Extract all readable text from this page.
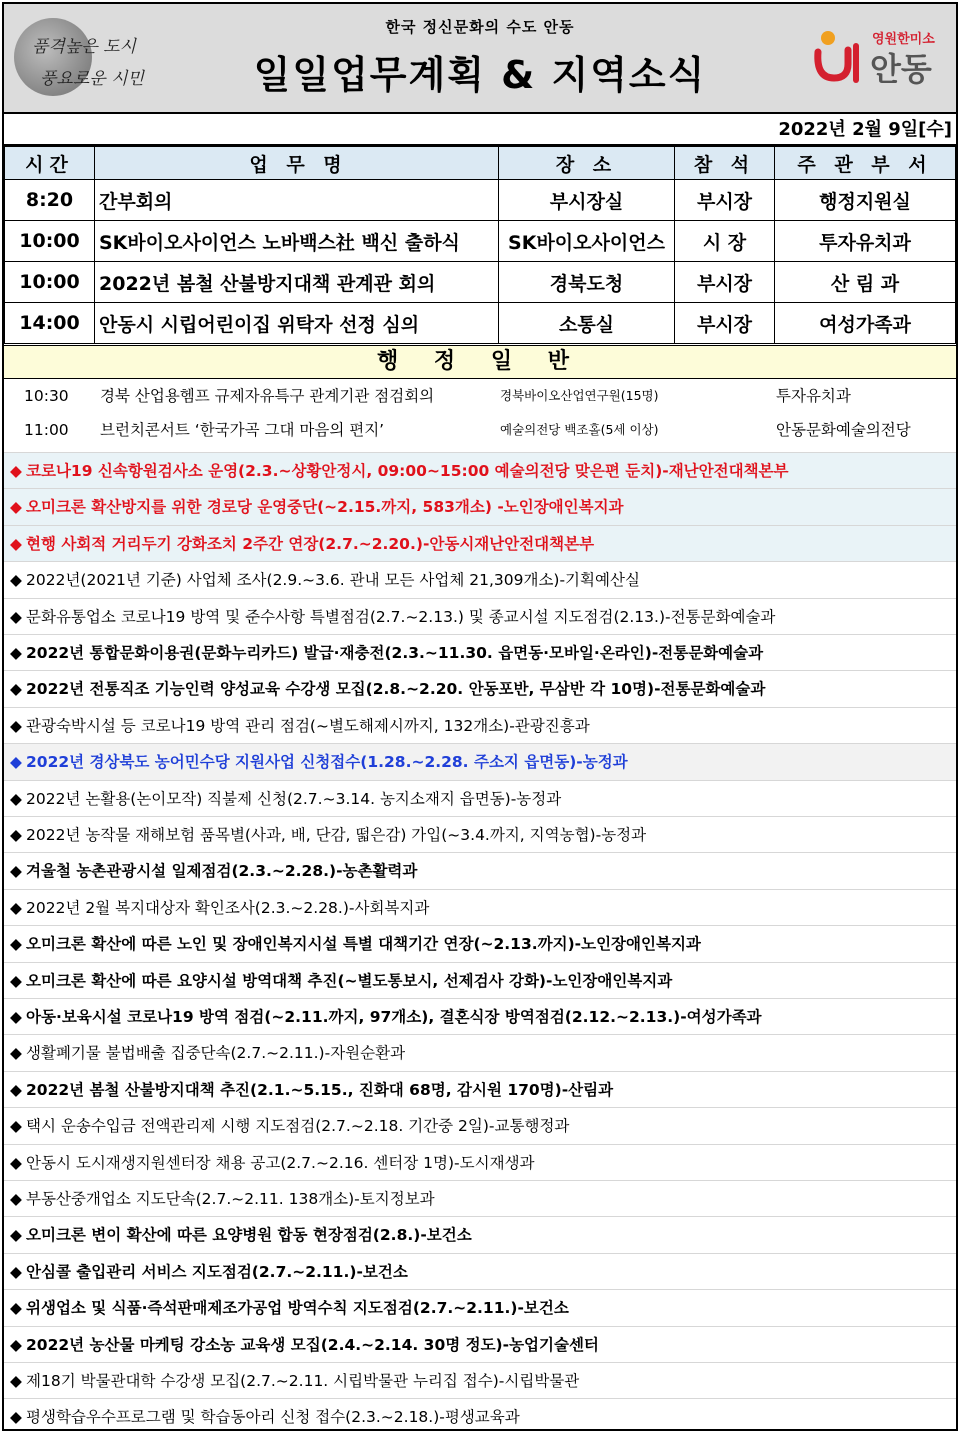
품격높은 도시
풍요로운 시민
한국 정신문화의 수도 안동
일일업무계획 & 지역소식
영원한미소
안동
2022년 2월 9일[수]
시간	업 무 명	장 소	참 석	주 관 부 서
8:20	간부회의	부시장실	부시장	행정지원실
10:00	SK바이오사이언스 노바백스社 백신 출하식	SK바이오사이언스	시 장	투자유치과
10:00	2022년 봄철 산불방지대책 관계관 회의	경북도청	부시장	산 림 과
14:00	안동시 시립어린이집 위탁자 선정 심의	소통실	부시장	여성가족과
행 정 일 반
10:30 경북 산업용헴프 규제자유특구 관계기관 점검회의	경북바이오산업연구원(15명)	투자유치과
11:00 브런치콘서트 ‘한국가곡 그대 마음의 편지’	예술의전당 백조홀(5세 이상)	안동문화예술의전당
◆ 코로나19 신속항원검사소 운영(2.3.~상황안정시, 09:00~15:00 예술의전당 맞은편 둔치)-재난안전대책본부
◆ 오미크론 확산방지를 위한 경로당 운영중단(~2.15.까지, 583개소) -노인장애인복지과
◆ 현행 사회적 거리두기 강화조치 2주간 연장(2.7.~2.20.)-안동시재난안전대책본부
◆ 2022년(2021년 기준) 사업체 조사(2.9.~3.6. 관내 모든 사업체 21,309개소)-기획예산실
◆ 문화유통업소 코로나19 방역 및 준수사항 특별점검(2.7.~2.13.) 및 종교시설 지도점검(2.13.)-전통문화예술과
◆ 2022년 통합문화이용권(문화누리카드) 발급·재충전(2.3.~11.30. 읍면동·모바일·온라인)-전통문화예술과
◆ 2022년 전통직조 기능인력 양성교육 수강생 모집(2.8.~2.20. 안동포반, 무삼반 각 10명)-전통문화예술과
◆ 관광숙박시설 등 코로나19 방역 관리 점검(~별도해제시까지, 132개소)-관광진흥과
◆ 2022년 경상북도 농어민수당 지원사업 신청접수(1.28.~2.28. 주소지 읍면동)-농정과
◆ 2022년 논활용(논이모작) 직불제 신청(2.7.~3.14. 농지소재지 읍면동)-농정과
◆ 2022년 농작물 재해보험 품목별(사과, 배, 단감, 떫은감) 가입(~3.4.까지, 지역농협)-농정과
◆ 겨울철 농촌관광시설 일제점검(2.3.~2.28.)-농촌활력과
◆ 2022년 2월 복지대상자 확인조사(2.3.~2.28.)-사회복지과
◆ 오미크론 확산에 따른 노인 및 장애인복지시설 특별 대책기간 연장(~2.13.까지)-노인장애인복지과
◆ 오미크론 확산에 따른 요양시설 방역대책 추진(~별도통보시, 선제검사 강화)-노인장애인복지과
◆ 아동·보육시설 코로나19 방역 점검(~2.11.까지, 97개소), 결혼식장 방역점검(2.12.~2.13.)-여성가족과
◆ 생활폐기물 불법배출 집중단속(2.7.~2.11.)-자원순환과
◆ 2022년 봄철 산불방지대책 추진(2.1.~5.15., 진화대 68명, 감시원 170명)-산림과
◆ 택시 운송수입금 전액관리제 시행 지도점검(2.7.~2.18. 기간중 2일)-교통행정과
◆ 안동시 도시재생지원센터장 채용 공고(2.7.~2.16. 센터장 1명)-도시재생과
◆ 부동산중개업소 지도단속(2.7.~2.11. 138개소)-토지정보과
◆ 오미크론 변이 확산에 따른 요양병원 합동 현장점검(2.8.)-보건소
◆ 안심콜 출입관리 서비스 지도점검(2.7.~2.11.)-보건소
◆ 위생업소 및 식품·즉석판매제조가공업 방역수칙 지도점검(2.7.~2.11.)-보건소
◆ 2022년 농산물 마케팅 강소농 교육생 모집(2.4.~2.14. 30명 정도)-농업기술센터
◆ 제18기 박물관대학 수강생 모집(2.7.~2.11. 시립박물관 누리집 접수)-시립박물관
◆ 평생학습우수프로그램 및 학습동아리 신청 접수(2.3.~2.18.)-평생교육과
